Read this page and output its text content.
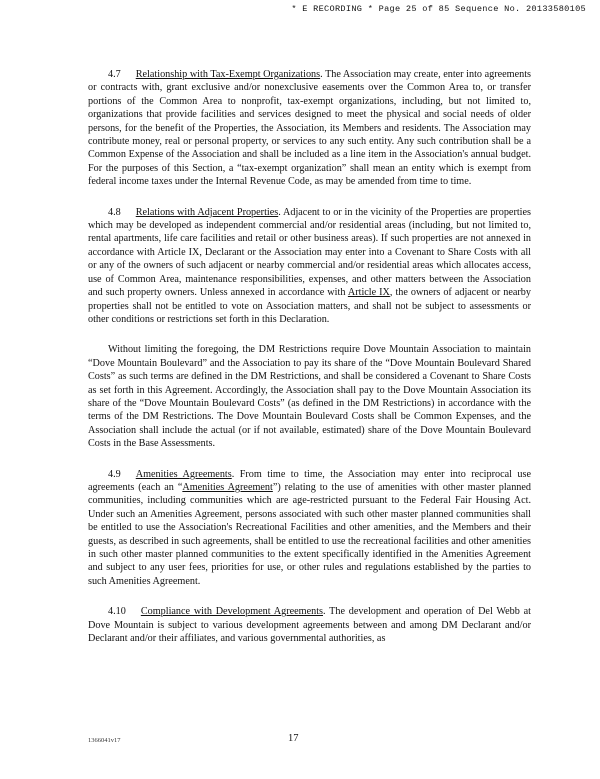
* E RECORDING * Page 25 of 85 Sequence No. 20133580105

4.7 Relationship with Tax-Exempt Organizations. The Association may create, enter into agreements or contracts with, grant exclusive and/or nonexclusive easements over the Common Area to, or transfer portions of the Common Area to nonprofit, tax-exempt organizations, including, but not limited to, organizations that provide facilities and services designed to meet the physical and social needs of older persons, for the benefit of the Properties, the Association, its Members and residents. The Association may contribute money, real or personal property, or services to any such entity. Any such contribution shall be a Common Expense of the Association and shall be included as a line item in the Association's annual budget. For the purposes of this Section, a “tax-exempt organization” shall mean an entity which is exempt from federal income taxes under the Internal Revenue Code, as may be amended from time to time.

4.8 Relations with Adjacent Properties. Adjacent to or in the vicinity of the Properties are properties which may be developed as independent commercial and/or residential areas (including, but not limited to, rental apartments, life care facilities and retail or other business areas). If such properties are not annexed in accordance with Article IX, Declarant or the Association may enter into a Covenant to Share Costs with all or any of the owners of such adjacent or nearby commercial and/or residential areas which allocates access, use of Common Area, maintenance responsibilities, expenses, and other matters between the Association and such property owners. Unless annexed in accordance with Article IX, the owners of adjacent or nearby properties shall not be entitled to vote on Association matters, and shall not be subject to assessments or other conditions or restrictions set forth in this Declaration.

Without limiting the foregoing, the DM Restrictions require Dove Mountain Association to maintain “Dove Mountain Boulevard” and the Association to pay its share of the “Dove Mountain Boulevard Shared Costs” as such terms are defined in the DM Restrictions, and shall be considered a Covenant to Share Costs as set forth in this Agreement. Accordingly, the Association shall pay to the Dove Mountain Association its share of the “Dove Mountain Boulevard Costs” (as defined in the DM Restrictions) in accordance with the terms of the DM Restrictions. The Dove Mountain Boulevard Costs shall be Common Expenses, and the Association shall include the actual (or if not available, estimated) share of the Dove Mountain Boulevard Costs in the Base Assessments.

4.9 Amenities Agreements. From time to time, the Association may enter into reciprocal use agreements (each an “Amenities Agreement”) relating to the use of amenities with other master planned communities, including communities which are age-restricted pursuant to the Federal Fair Housing Act. Under such an Amenities Agreement, persons associated with such other master planned communities shall be entitled to use the Association's Recreational Facilities and other amenities, and the Members and their guests, as described in such agreements, shall be entitled to use the recreational facilities and other amenities in such other master planned communities to the extent specifically identified in the Amenities Agreement and subject to any user fees, priorities for use, or other rules and regulations established by the parties to such Amenities Agreement.

4.10 Compliance with Development Agreements. The development and operation of Del Webb at Dove Mountain is subject to various development agreements between and among DM Declarant and/or Declarant and/or their affiliates, and various governmental authorities, as

1366041v17	17
